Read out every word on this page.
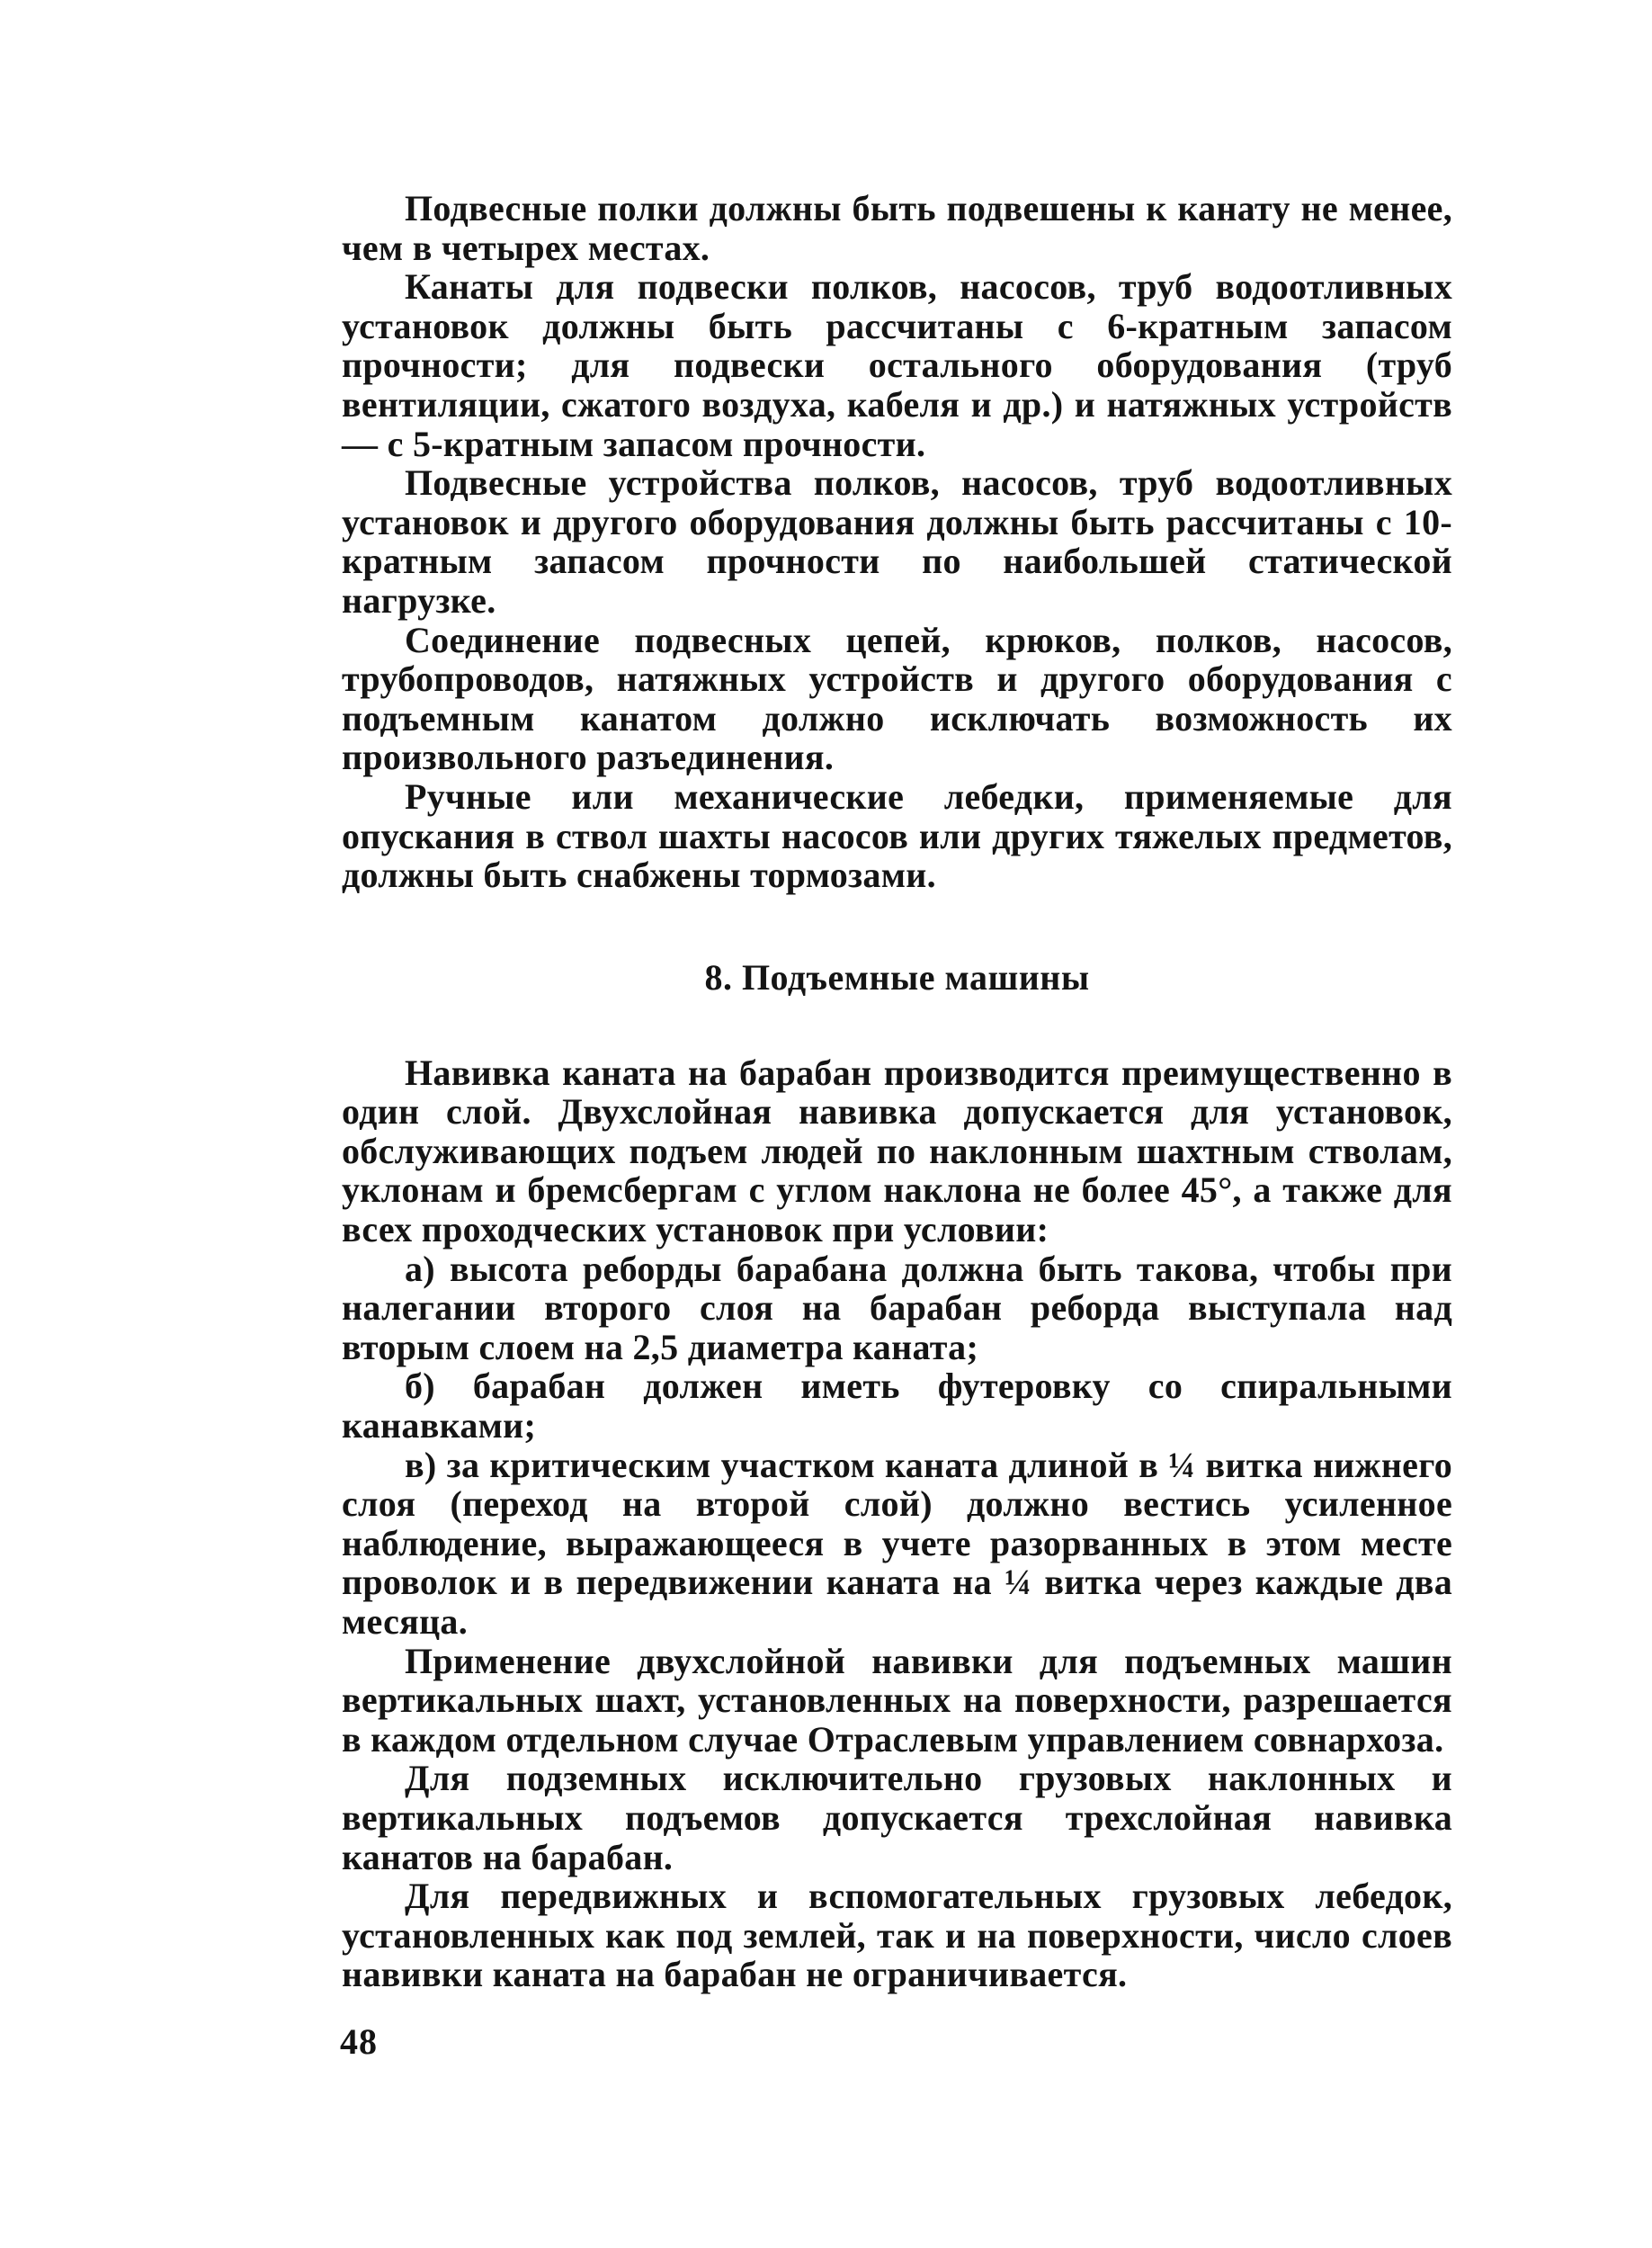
Подвесные полки должны быть подвешены к канату не менее, чем в четырех местах.

Канаты для подвески полков, насосов, труб водоотливных установок должны быть рассчитаны с 6-кратным запасом прочности; для подвески остального оборудования (труб вентиляции, сжатого воздуха, кабеля и др.) и натяжных устройств — с 5-кратным запасом прочности.

Подвесные устройства полков, насосов, труб водоотливных установок и другого оборудования должны быть рассчитаны с 10-кратным запасом прочности по наибольшей статической нагрузке.

Соединение подвесных цепей, крюков, полков, насосов, трубопроводов, натяжных устройств и другого оборудования с подъемным канатом должно исключать возможность их произвольного разъединения.

Ручные или механические лебедки, применяемые для опускания в ствол шахты насосов или других тяжелых предметов, должны быть снабжены тормозами.

8. Подъемные машины

Навивка каната на барабан производится преимущественно в один слой. Двухслойная навивка допускается для установок, обслуживающих подъем людей по наклонным шахтным стволам, уклонам и бремсбергам с углом наклона не более 45°, а также для всех проходческих установок при условии:

а) высота реборды барабана должна быть такова, чтобы при налегании второго слоя на барабан реборда выступала над вторым слоем на 2,5 диаметра каната;

б) барабан должен иметь футеровку со спиральными канавками;

в) за критическим участком каната длиной в ¼ витка нижнего слоя (переход на второй слой) должно вестись усиленное наблюдение, выражающееся в учете разорванных в этом месте проволок и в передвижении каната на ¼ витка через каждые два месяца.

Применение двухслойной навивки для подъемных машин вертикальных шахт, установленных на поверхности, разрешается в каждом отдельном случае Отраслевым управлением совнархоза.

Для подземных исключительно грузовых наклонных и вертикальных подъемов допускается трехслойная навивка канатов на барабан.

Для передвижных и вспомогательных грузовых лебедок, установленных как под землей, так и на поверхности, число слоев навивки каната на барабан не ограничивается.

48
